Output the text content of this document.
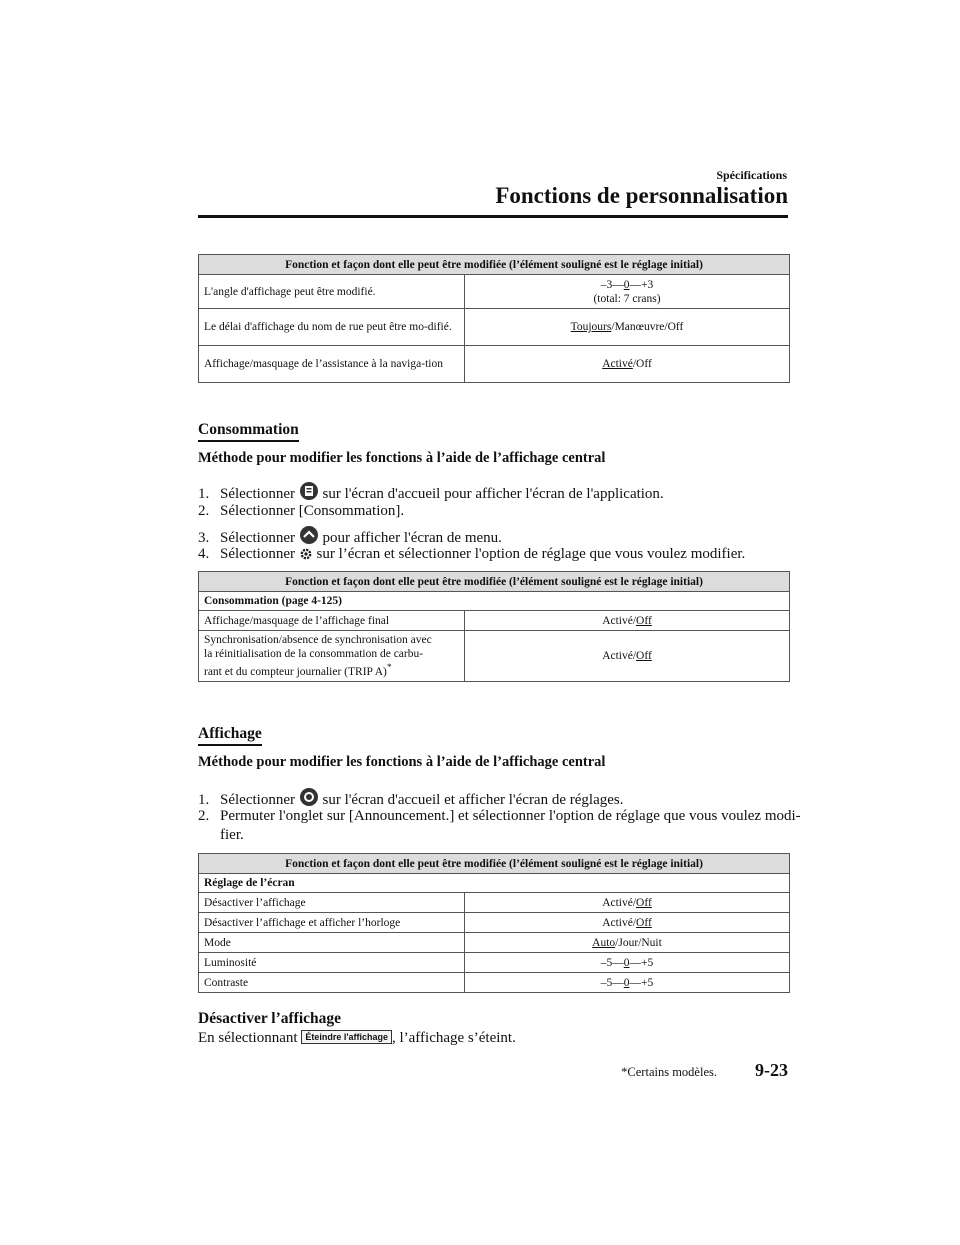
Spécifications
Fonctions de personnalisation
Fonction et façon dont elle peut être modifiée (l’élément souligné est le réglage initial)	
L'angle d'affichage peut être modifié.	–3—0—+3
(total: 7 crans)
Le délai d'affichage du nom de rue peut être mo-difié.	Toujours/Manœuvre/Off
Affichage/masquage de l’assistance à la naviga-tion	Activé/Off
Consommation
Méthode pour modifier les fonctions à l’aide de l’affichage central
1. Sélectionner sur l'écran d'accueil pour afficher l'écran de l'application.
2. Sélectionner [Consommation].
3. Sélectionner pour afficher l'écran de menu.
4. Sélectionner sur l’écran et sélectionner l'option de réglage que vous voulez modifier.
Fonction et façon dont elle peut être modifiée (l’élément souligné est le réglage initial)	
Consommation (page 4-125)	
Affichage/masquage de l’affichage final	Activé/Off
Synchronisation/absence de synchronisation avec
la réinitialisation de la consommation de carbu-
rant et du compteur journalier (TRIP A)*	Activé/Off
Affichage
Méthode pour modifier les fonctions à l’aide de l’affichage central
1. Sélectionner sur l'écran d'accueil et afficher l'écran de réglages.
2. Permuter l'onglet sur [Announcement.] et sélectionner l'option de réglage que vous voulez modi-
fier.
Fonction et façon dont elle peut être modifiée (l’élément souligné est le réglage initial)	
Réglage de l’écran	
Désactiver l’affichage	Activé/Off
Désactiver l’affichage et afficher l’horloge	Activé/Off
Mode	Auto/Jour/Nuit
Luminosité	–5—0—+5
Contraste	–5—0—+5
Désactiver l’affichage
En sélectionnant Éteindre l'affichage , l’affichage s’éteint.
*Certains modèles. 9-23
